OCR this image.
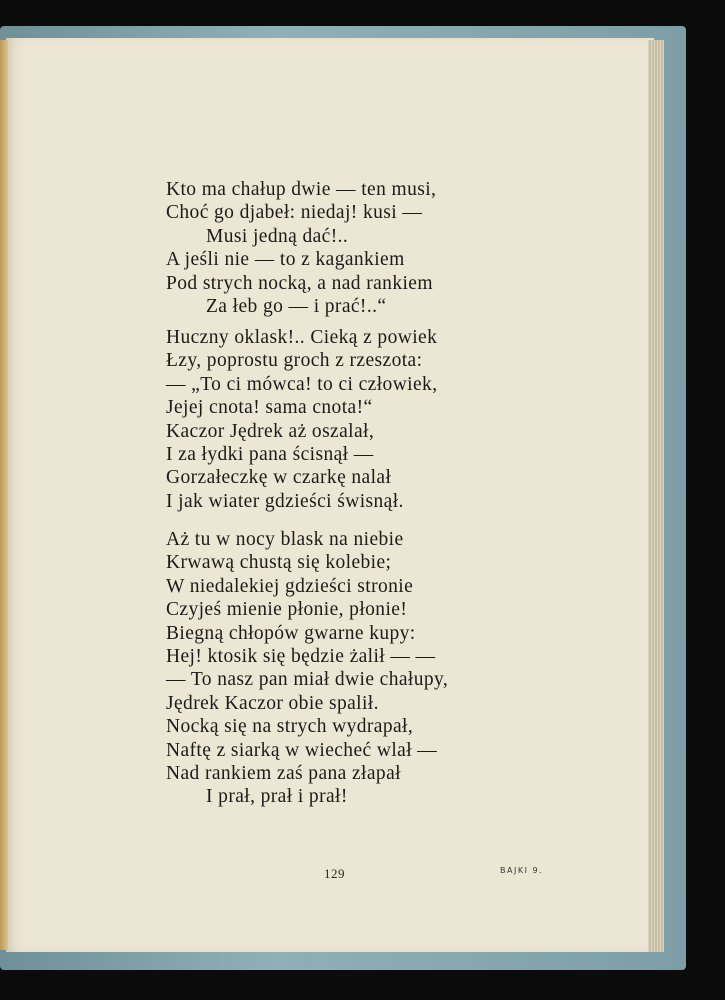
Kto ma chałup dwie — ten musi,
Choć go djabeł: niedaj! kusi —
Musi jedną dać!..
A jeśli nie — to z kagankiem
Pod strych nocką, a nad rankiem
Za łeb go — i prać!..“
Huczny oklask!.. Cieką z powiek
Łzy, poprostu groch z rzeszota:
— „To ci mówca! to ci człowiek,
Jejej cnota! sama cnota!“
Kaczor Jędrek aż oszalał,
I za łydki pana ścisnął —
Gorzałeczkę w czarkę nalał
I jak wiater gdzieści świsnął.
Aż tu w nocy blask na niebie
Krwawą chustą się kolebie;
W niedalekiej gdzieści stronie
Czyjeś mienie płonie, płonie!
Biegną chłopów gwarne kupy:
Hej! ktosik się będzie żalił — —
— To nasz pan miał dwie chałupy,
Jędrek Kaczor obie spalił.
Nocką się na strych wydrapał,
Naftę z siarką w wiecheć wlał —
Nad rankiem zaś pana złapał
I prał, prał i prał!
129	BAJKI 9.
